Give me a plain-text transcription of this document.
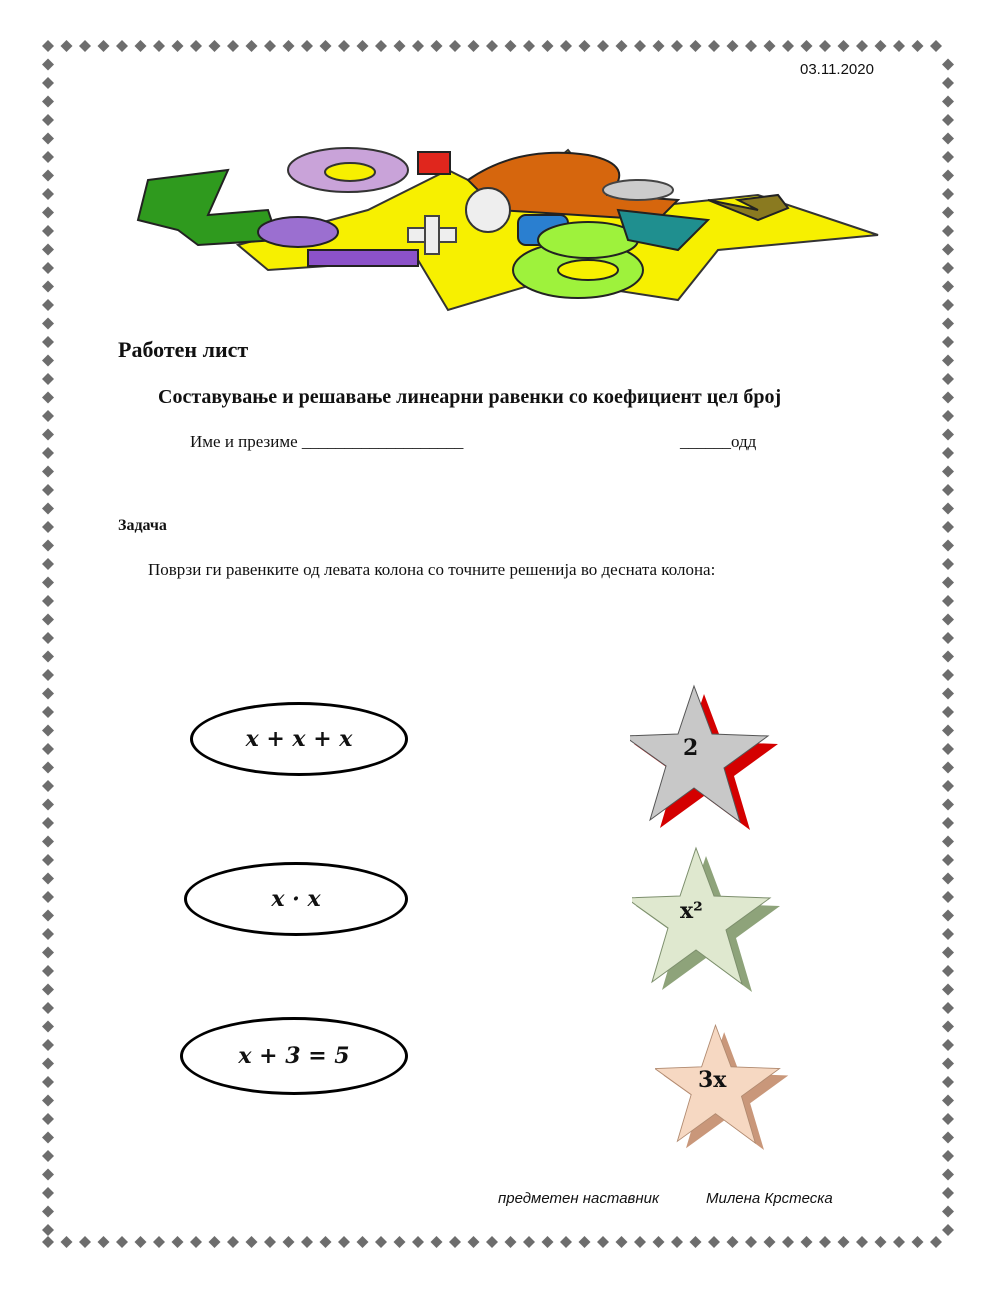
03.11.2020
Работен лист
Составување и решавање линеарни равенки со коефициент цел број
Име и презиме ___________________	______одд
Задача
Поврзи ги равенките од левата колона со точните решенија во десната колона:
x + x + x
x · x
x + 3 = 5
2
x²
3x
предметен наставник	Милена Крстеска
